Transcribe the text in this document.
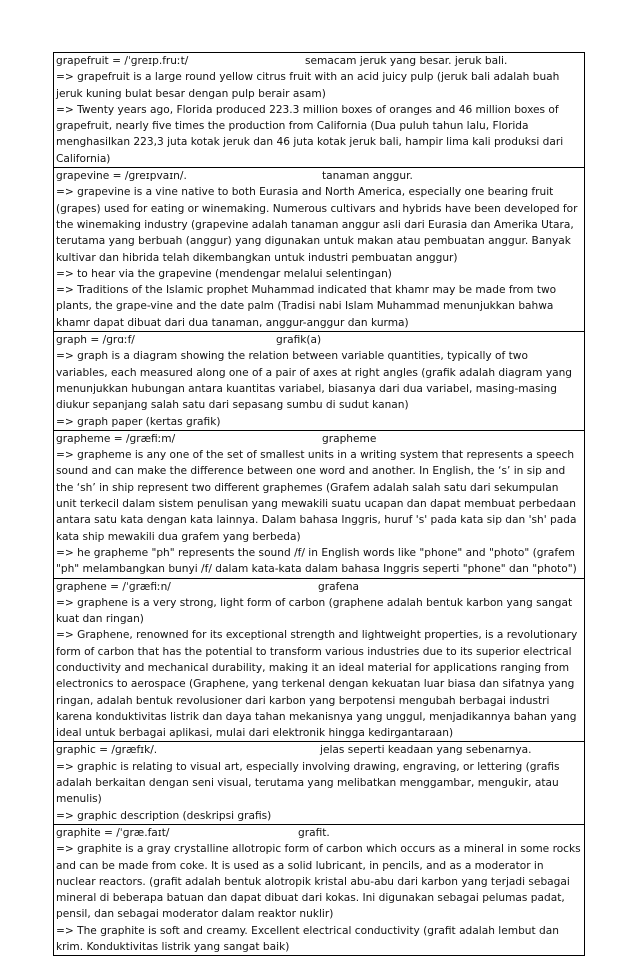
grapefruit = /ˈɡreɪp.fruːt/	semacam jeruk yang besar. jeruk bali.
=> grapefruit is a large round yellow citrus fruit with an acid juicy pulp (jeruk bali adalah buah jeruk kuning bulat besar dengan pulp berair asam)
=> Twenty years ago, Florida produced 223.3 million boxes of oranges and 46 million boxes of grapefruit, nearly five times the production from California (Dua puluh tahun lalu, Florida menghasilkan 223,3 juta kotak jeruk dan 46 juta kotak jeruk bali, hampir lima kali produksi dari California)
grapevine = /ɡreɪpvaɪn/.	tanaman anggur.
=> grapevine is a vine native to both Eurasia and North America, especially one bearing fruit (grapes) used for eating or winemaking. Numerous cultivars and hybrids have been developed for the winemaking industry (grapevine adalah tanaman anggur asli dari Eurasia dan Amerika Utara, terutama yang berbuah (anggur) yang digunakan untuk makan atau pembuatan anggur. Banyak kultivar dan hibrida telah dikembangkan untuk industri pembuatan anggur)
=> to hear via the grapevine (mendengar melalui selentingan)
=> Traditions of the Islamic prophet Muhammad indicated that khamr may be made from two plants, the grape-vine and the date palm (Tradisi nabi Islam Muhammad menunjukkan bahwa khamr dapat dibuat dari dua tanaman, anggur-anggur dan kurma)
graph = /ɡrɑːf/	grafik(a)
=> graph is a diagram showing the relation between variable quantities, typically of two variables, each measured along one of a pair of axes at right angles (grafik adalah diagram yang menunjukkan hubungan antara kuantitas variabel, biasanya dari dua variabel, masing-masing diukur sepanjang salah satu dari sepasang sumbu di sudut kanan)
=> graph paper (kertas grafik)
grapheme = /ɡræfiːm/	grapheme
=> grapheme is any one of the set of smallest units in a writing system that represents a speech sound and can make the difference between one word and another. In English, the ‘s’ in sip and the ‘sh’ in ship represent two different graphemes (Grafem adalah salah satu dari sekumpulan unit terkecil dalam sistem penulisan yang mewakili suatu ucapan dan dapat membuat perbedaan antara satu kata dengan kata lainnya. Dalam bahasa Inggris, huruf 's' pada kata sip dan 'sh' pada kata ship mewakili dua grafem yang berbeda)
=> he grapheme "ph" represents the sound /f/ in English words like "phone" and "photo" (grafem "ph" melambangkan bunyi /f/ dalam kata-kata dalam bahasa Inggris seperti "phone" dan "photo")
graphene = /ˈɡræfiːn/	grafena
=> graphene is a very strong, light form of carbon (graphene adalah bentuk karbon yang sangat kuat dan ringan)
=> Graphene, renowned for its exceptional strength and lightweight properties, is a revolutionary form of carbon that has the potential to transform various industries due to its superior electrical conductivity and mechanical durability, making it an ideal material for applications ranging from electronics to aerospace (Graphene, yang terkenal dengan kekuatan luar biasa dan sifatnya yang ringan, adalah bentuk revolusioner dari karbon yang berpotensi mengubah berbagai industri karena konduktivitas listrik dan daya tahan mekanisnya yang unggul, menjadikannya bahan yang ideal untuk berbagai aplikasi, mulai dari elektronik hingga kedirgantaraan)
graphic = /ɡræfɪk/.	jelas seperti keadaan yang sebenarnya.
=> graphic is relating to visual art, especially involving drawing, engraving, or lettering (grafis adalah berkaitan dengan seni visual, terutama yang melibatkan menggambar, mengukir, atau menulis)
=> graphic description (deskripsi grafis)
graphite = /ˈɡræ.faɪt/	grafit.
=> graphite is a gray crystalline allotropic form of carbon which occurs as a mineral in some rocks and can be made from coke. It is used as a solid lubricant, in pencils, and as a moderator in nuclear reactors. (grafit adalah bentuk alotropik kristal abu-abu dari karbon yang terjadi sebagai mineral di beberapa batuan dan dapat dibuat dari kokas. Ini digunakan sebagai pelumas padat, pensil, dan sebagai moderator dalam reaktor nuklir)
=> The graphite is soft and creamy. Excellent electrical conductivity (grafit adalah lembut dan krim. Konduktivitas listrik yang sangat baik)
